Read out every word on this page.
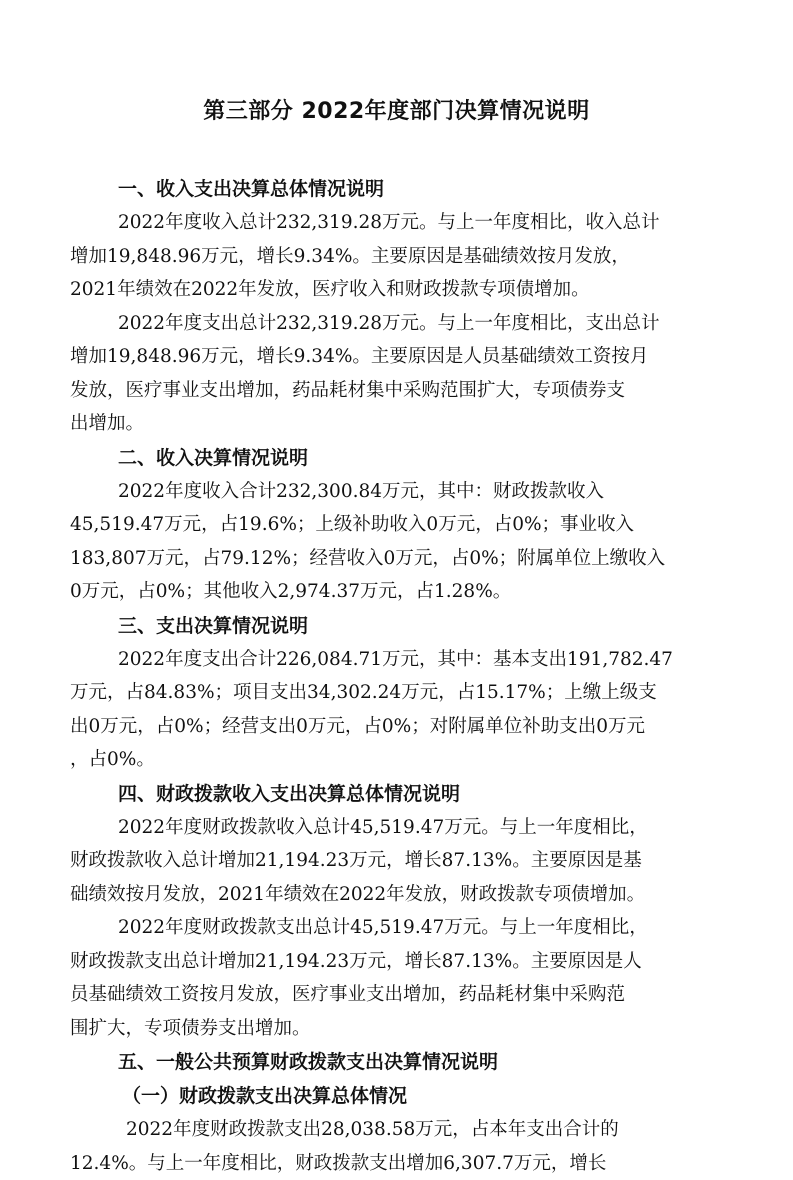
第三部分 2022年度部门决算情况说明
一、收入支出决算总体情况说明
2022年度收入总计232,319.28万元。与上一年度相比，收入总计
增加19,848.96万元，增长9.34%。主要原因是基础绩效按月发放，
2021年绩效在2022年发放，医疗收入和财政拨款专项债增加。
2022年度支出总计232,319.28万元。与上一年度相比，支出总计
增加19,848.96万元，增长9.34%。主要原因是人员基础绩效工资按月
发放，医疗事业支出增加，药品耗材集中采购范围扩大，专项债券支
出增加。
二、收入决算情况说明
2022年度收入合计232,300.84万元，其中：财政拨款收入
45,519.47万元，占19.6%；上级补助收入0万元，占0%；事业收入
183,807万元，占79.12%；经营收入0万元，占0%；附属单位上缴收入
0万元，占0%；其他收入2,974.37万元，占1.28%。
三、支出决算情况说明
2022年度支出合计226,084.71万元，其中：基本支出191,782.47
万元，占84.83%；项目支出34,302.24万元，占15.17%；上缴上级支
出0万元，占0%；经营支出0万元，占0%；对附属单位补助支出0万元
，占0%。
四、财政拨款收入支出决算总体情况说明
2022年度财政拨款收入总计45,519.47万元。与上一年度相比，
财政拨款收入总计增加21,194.23万元，增长87.13%。主要原因是基
础绩效按月发放，2021年绩效在2022年发放，财政拨款专项债增加。
2022年度财政拨款支出总计45,519.47万元。与上一年度相比，
财政拨款支出总计增加21,194.23万元，增长87.13%。主要原因是人
员基础绩效工资按月发放，医疗事业支出增加，药品耗材集中采购范
围扩大，专项债券支出增加。
五、一般公共预算财政拨款支出决算情况说明
（一）财政拨款支出决算总体情况
2022年度财政拨款支出28,038.58万元，占本年支出合计的
12.4%。与上一年度相比，财政拨款支出增加6,307.7万元，增长
